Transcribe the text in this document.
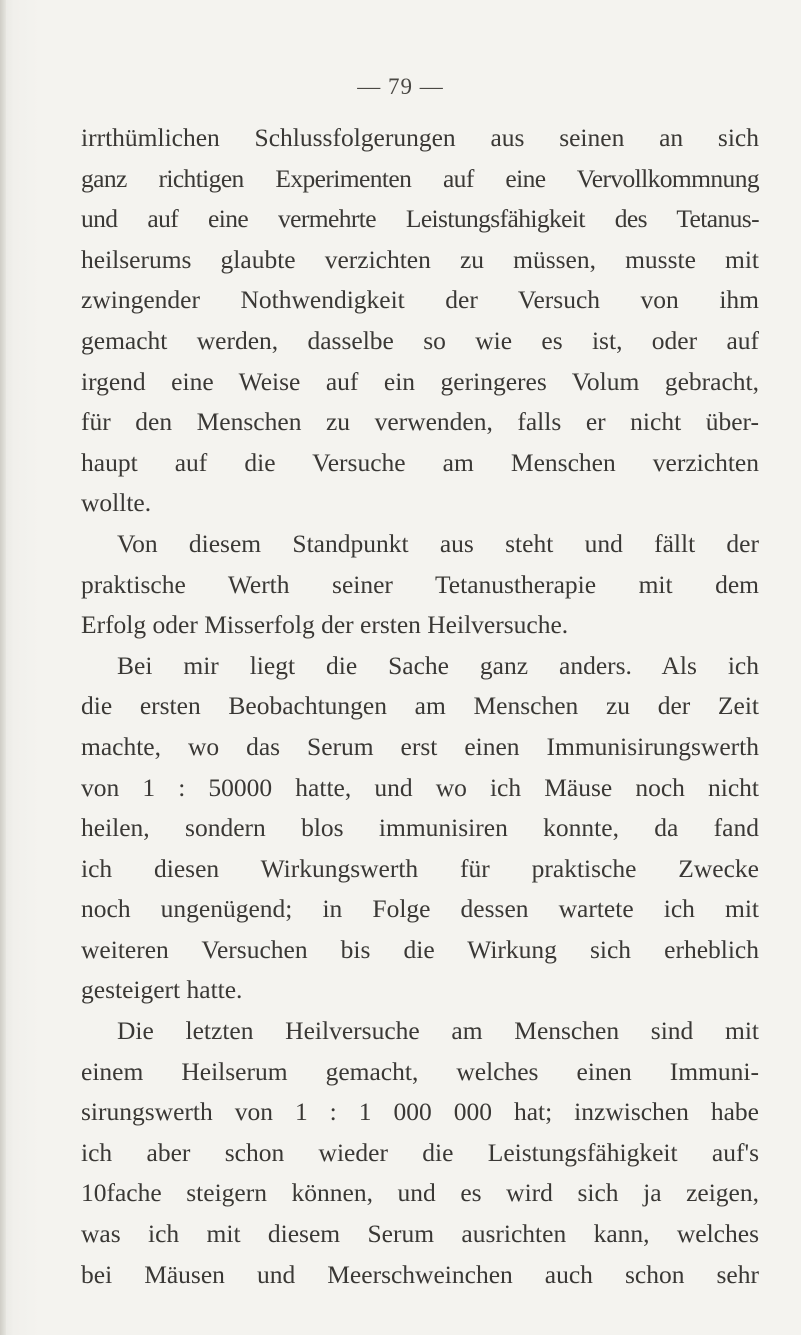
— 79 —
irrthümlichen Schlussfolgerungen aus seinen an sich
ganz richtigen Experimenten auf eine Vervollkommnung
und auf eine vermehrte Leistungsfähigkeit des Tetanus-
heilserums glaubte verzichten zu müssen, musste mit
zwingender Nothwendigkeit der Versuch von ihm
gemacht werden, dasselbe so wie es ist, oder auf
irgend eine Weise auf ein geringeres Volum gebracht,
für den Menschen zu verwenden, falls er nicht über-
haupt auf die Versuche am Menschen verzichten
wollte.
Von diesem Standpunkt aus steht und fällt der
praktische Werth seiner Tetanustherapie mit dem
Erfolg oder Misserfolg der ersten Heilversuche.
Bei mir liegt die Sache ganz anders. Als ich
die ersten Beobachtungen am Menschen zu der Zeit
machte, wo das Serum erst einen Immunisirungswerth
von 1 : 50000 hatte, und wo ich Mäuse noch nicht
heilen, sondern blos immunisiren konnte, da fand
ich diesen Wirkungswerth für praktische Zwecke
noch ungenügend; in Folge dessen wartete ich mit
weiteren Versuchen bis die Wirkung sich erheblich
gesteigert hatte.
Die letzten Heilversuche am Menschen sind mit
einem Heilserum gemacht, welches einen Immuni-
sirungswerth von 1 : 1 000 000 hat; inzwischen habe
ich aber schon wieder die Leistungsfähigkeit auf's
10fache steigern können, und es wird sich ja zeigen,
was ich mit diesem Serum ausrichten kann, welches
bei Mäusen und Meerschweinchen auch schon sehr
